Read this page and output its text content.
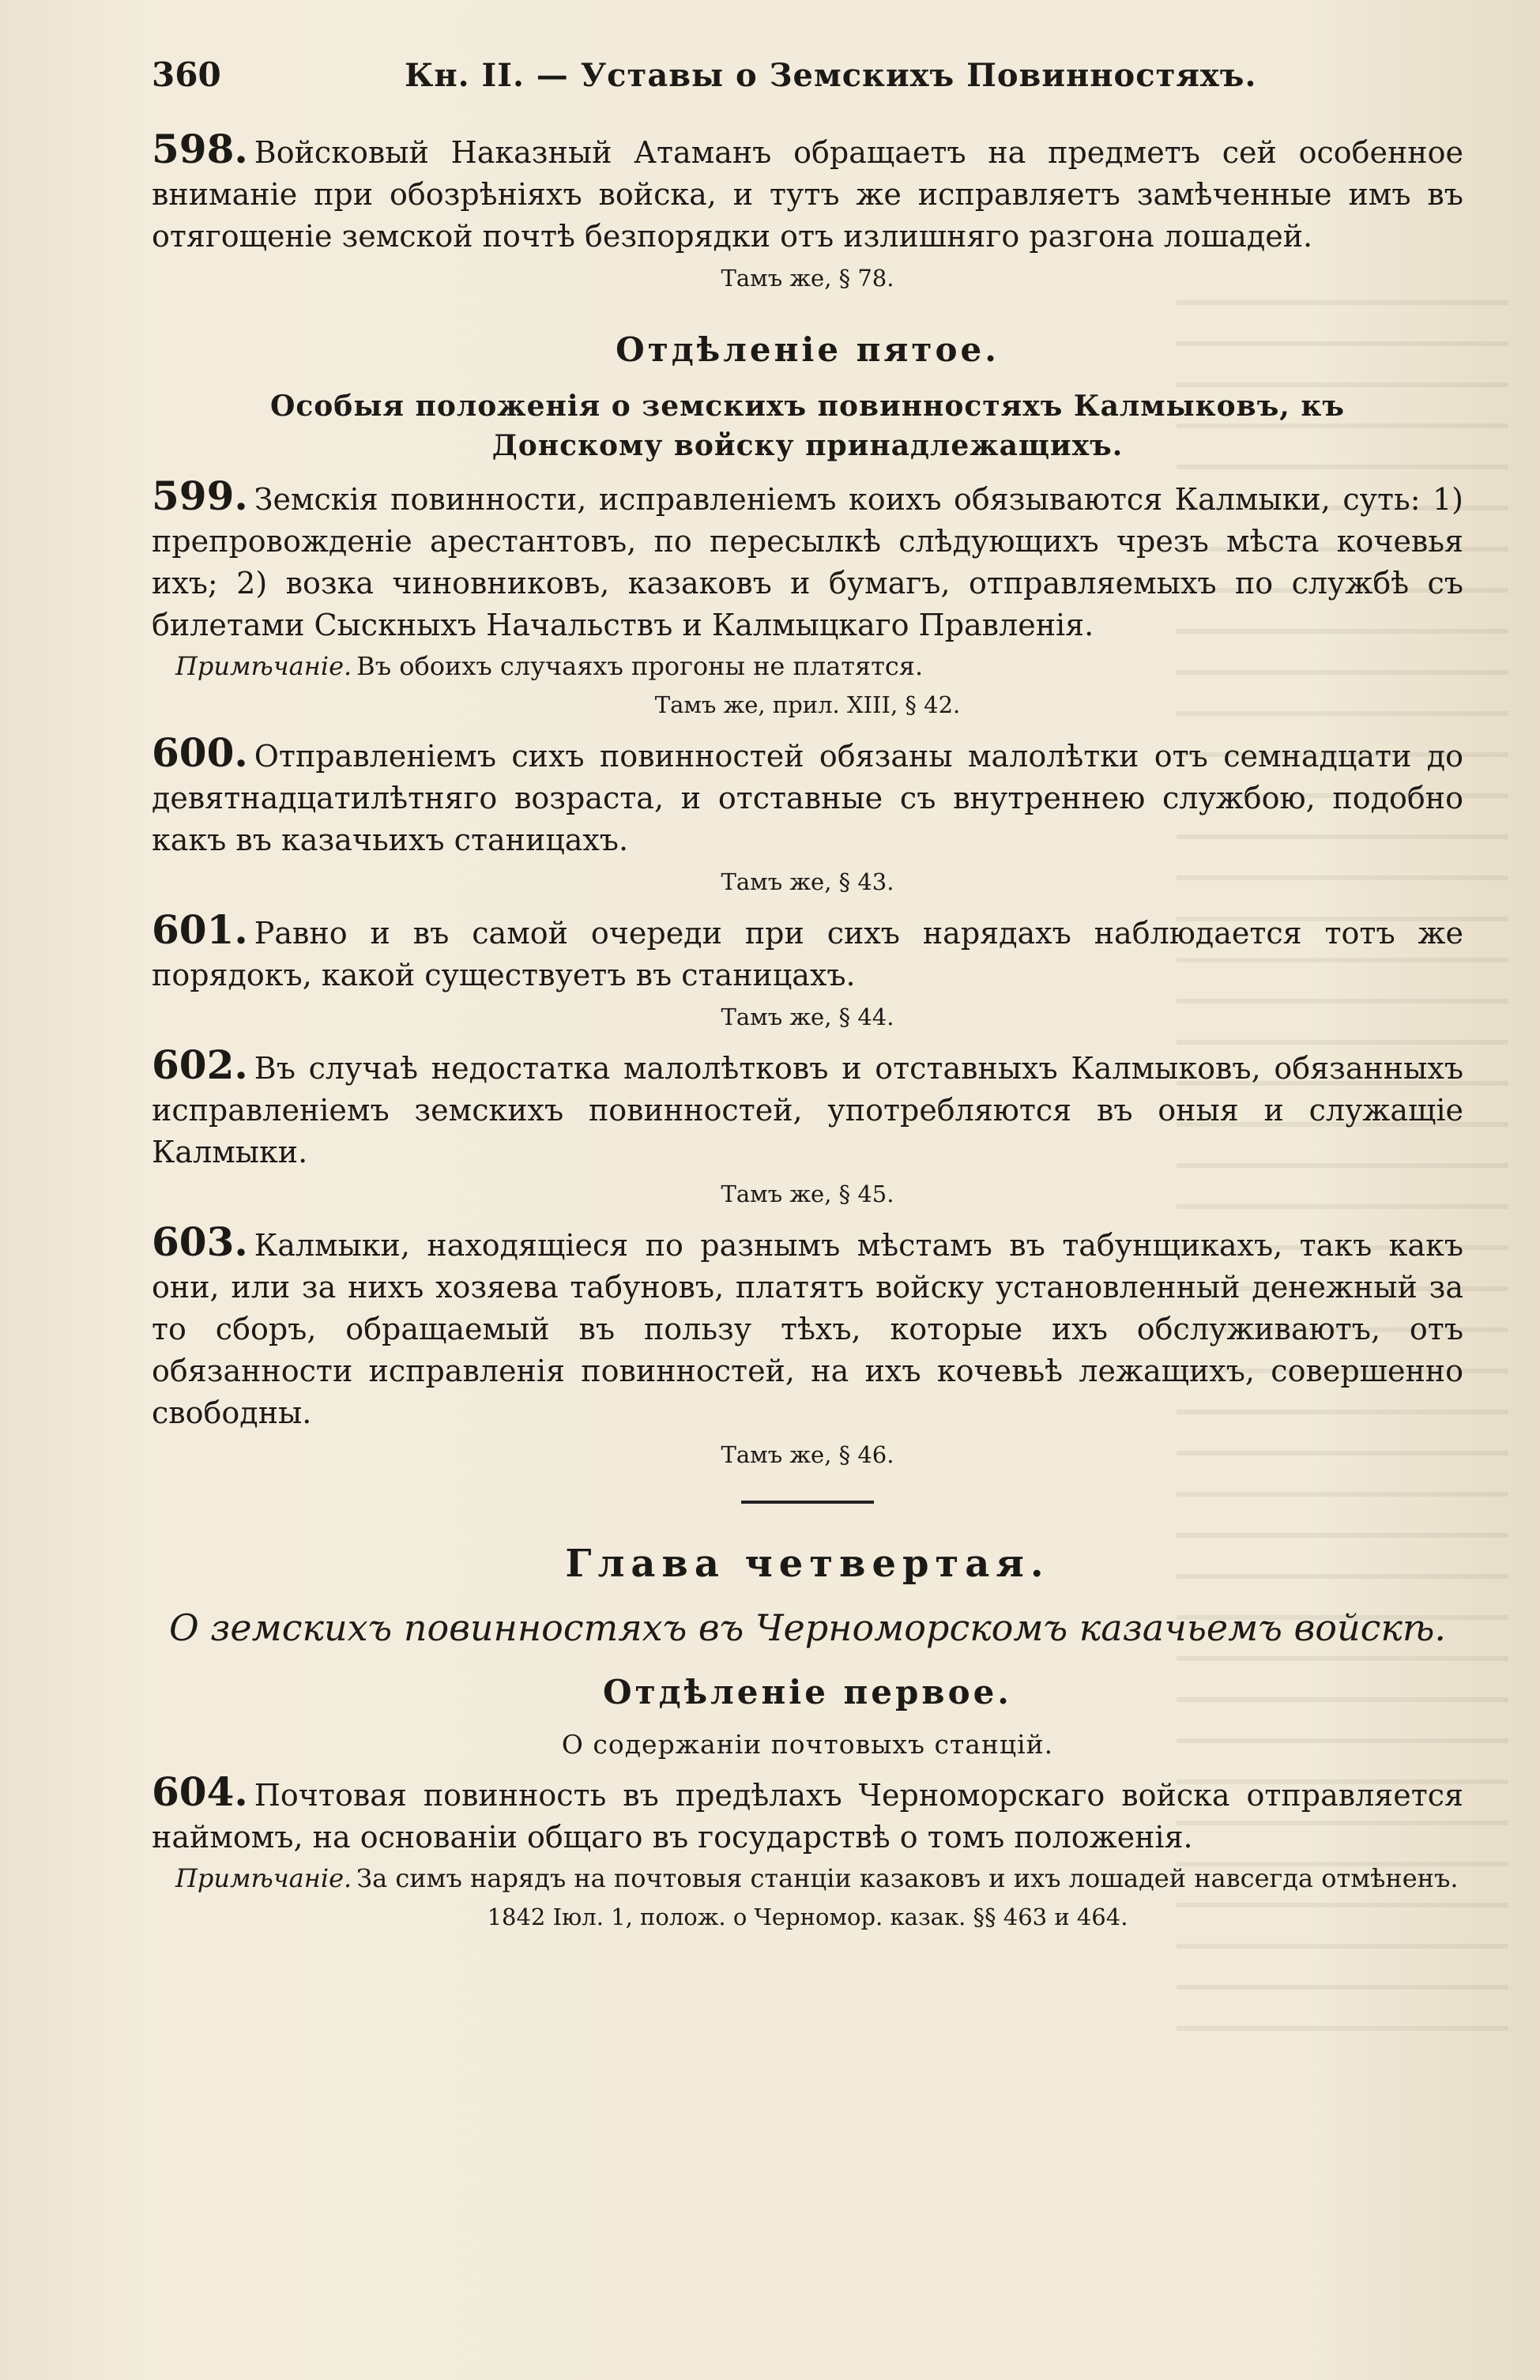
360	Кн. II. — Уставы о Земскихъ Повинностяхъ.

598. Войсковый Наказный Атаманъ обращаетъ на предметъ сей особенное вниманіе при обозрѣніяхъ войска, и тутъ же исправляетъ замѣченные имъ въ отягощеніе земской почтѣ безпорядки отъ излишняго разгона лошадей.

Тамъ же, § 78.
Отдѣленіе пятое.
Особыя положенія о земскихъ повинностяхъ Калмыковъ, къ Донскому войску принадлежащихъ.

599. Земскія повинности, исправленіемъ коихъ обязываются Калмыки, суть: 1) препровожденіе арестантовъ, по пересылкѣ слѣдующихъ чрезъ мѣста кочевья ихъ; 2) возка чиновниковъ, казаковъ и бумагъ, отправляемыхъ по службѣ съ билетами Сыскныхъ Начальствъ и Калмыцкаго Правленія.

Примѣчаніе. Въ обоихъ случаяхъ прогоны не платятся.

Тамъ же, прил. XIII, § 42.

600. Отправленіемъ сихъ повинностей обязаны малолѣтки отъ семнадцати до девятнадцатилѣтняго возраста, и отставные съ внутреннею службою, подобно какъ въ казачьихъ станицахъ.

Тамъ же, § 43.

601. Равно и въ самой очереди при сихъ нарядахъ наблюдается тотъ же порядокъ, какой существуетъ въ станицахъ.

Тамъ же, § 44.

602. Въ случаѣ недостатка малолѣтковъ и отставныхъ Калмыковъ, обязанныхъ исправленіемъ земскихъ повинностей, употребляются въ оныя и служащіе Калмыки.

Тамъ же, § 45.

603. Калмыки, находящіеся по разнымъ мѣстамъ въ табунщикахъ, такъ какъ они, или за нихъ хозяева табуновъ, платятъ войску установленный денежный за то сборъ, обращаемый въ пользу тѣхъ, которые ихъ обслуживаютъ, отъ обязанности исправленія повинностей, на ихъ кочевьѣ лежащихъ, совершенно свободны.

Тамъ же, § 46.
Глава четвертая.
О земскихъ повинностяхъ въ Черноморскомъ казачьемъ войскѣ.
Отдѣленіе первое.
О содержаніи почтовыхъ станцій.

604. Почтовая повинность въ предѣлахъ Черноморскаго войска отправляется наймомъ, на основаніи общаго въ государствѣ о томъ положенія.

Примѣчаніе. За симъ нарядъ на почтовыя станціи казаковъ и ихъ лошадей навсегда отмѣненъ.

1842 Іюл. 1, полож. о Черномор. казак. §§ 463 и 464.
